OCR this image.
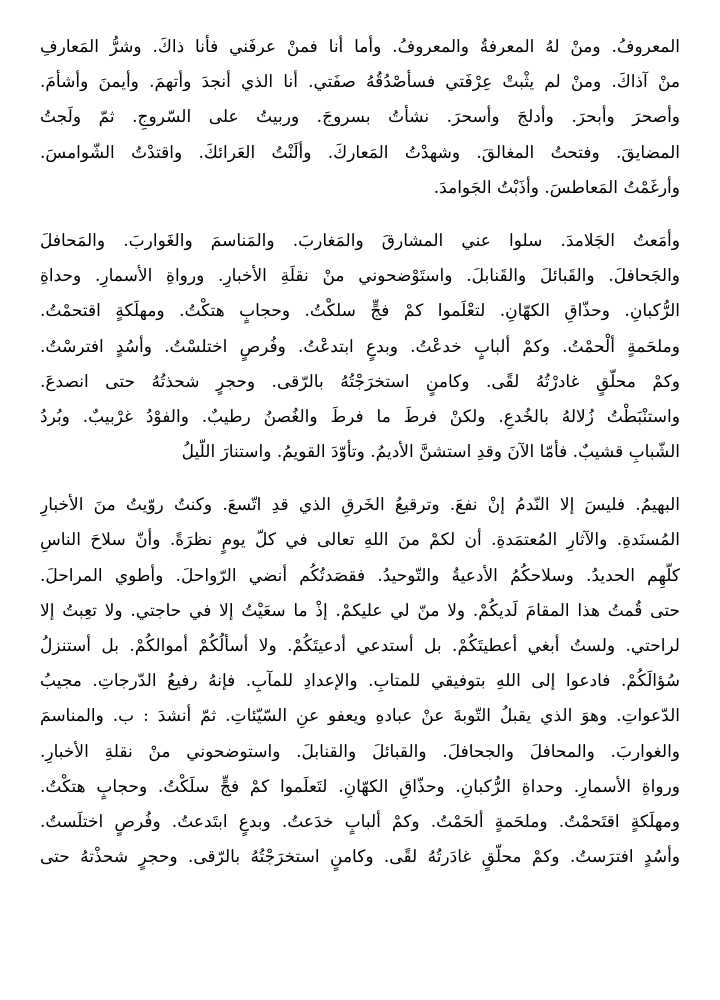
المعروفُ. ومنْ لهُ المعرفةُ والمعروفُ. وأما أنا فمنْ عرفَني فأنا ذاكَ. وشرُّ المَعارفِ
منْ آذاكَ. ومنْ لم يثْبتْ عِرْفَتي فسأصْدُقُهُ صفَتي. أنا الذي أنجدَ وأتهمَ. وأيمنَ وأشأمَ.
وأصحرَ وأبحرَ. وأدلجَ وأسحرَ. نشأتُ بسروجَ. وربيتُ على السّروجِ. ثمّ ولَجتُ
المضايقَ. وفتحتُ المغالقَ. وشهدْتُ المَعاركَ. وألَنْتُ العَرائكَ. واقتدْتُ الشّوامسَ.
وأرغَمْتُ المَعاطسَ. وأذَبْتُ الجَوامدَ.
وأمَعتُ الجَلامدَ. سلوا عني المشارقَ والمَغاربَ. والمَناسمَ والغَواربَ. والمَحافلَ
والجَحافلَ. والقَبائلَ والقَنابلَ. واستَوْضحوني منْ نقلَةِ الأخبارِ. ورواةِ الأسمارِ. وحداةِ
الرُّكبانِ. وحذّاقِ الكهّانِ. لتعْلَموا كمْ فجٍّ سلكْتُ. وحجابٍ هتكْتُ. ومهلَكةٍ اقتحمْتُ.
وملحَمةٍ ألْحمْتُ. وكمْ ألبابٍ خدعْتُ. وبدعٍ ابتدعْتُ. وفُرصٍ اختلسْتُ. وأسُدٍ افترسْتُ.
وكمْ محلّقٍ غادرْتُهُ لقًى. وكامنٍ استخرَجْتُهُ بالرّقى. وحجرٍ شحذتُهُ حتى انصدعَ.
واستنْبَطْتُ زُلالهُ بالخُدعِ. ولكنْ فرطَ ما فرطَ والغُصنُ رطيبٌ. والفوْدُ غرْبيبٌ. وبُردُ
الشّبابِ قشيبٌ. فأمّا الآنَ وقدِ استشنَّ الأديمُ. وتأوّدَ القويمُ. واستنارَ اللّيلُ
البهيمُ. فليسَ إلا النّدمُ إنْ نفعَ. وترقيعُ الخَرقِ الذي قدِ اتّسعَ. وكنتُ روّيتُ منَ الأخبارِ
المُسنَدةِ. والآثارِ المُعتمَدةِ. أن لكمْ منَ اللهِ تعالى في كلّ يومٍ نظرَةً. وأنّ سلاحَ الناسِ
كلّهِم الحديدُ. وسلاحكُمُ الأدعيةُ والتّوحيدُ. فقصَدتُكُم أنضي الرّواحلَ. وأطوي المراحلَ.
حتى قُمتُ هذا المقامَ لَديكُمْ. ولا منّ لي عليكمْ. إذْ ما سعَيْتُ إلا في حاجتي. ولا تعِبتُ إلا
لراحتي. ولستُ أبغي أعطيتَكُمْ. بل أستدعي أدعيتَكُمْ. ولا أسألُكُمْ أموالكُمْ. بل أستنزلُ
سُؤالَكُمْ. فادعوا إلى اللهِ بتوفيقي للمتابِ. والإعدادِ للمآبِ. فإنهُ رفيعُ الدّرجاتِ. مجيبُ
الدّعواتِ. وهوَ الذي يقبلُ التّوبةَ عنْ عبادهِ ويعفو عنِ السّيّئاتِ. ثمّ أنشدَ : ب. والمناسمَ
والغواربَ. والمحافلَ والجحافلَ. والقبائلَ والقنابلَ. واستوضحوني منْ نقلةِ الأخبارِ.
ورواةِ الأسمارِ. وحداةِ الرُّكبانِ. وحذّاقِ الكهّانِ. لتَعلَموا كمْ فجٍّ سلَكْتُ. وحجابٍ هتكْتُ.
ومهلَكةٍ اقتَحمْتُ. وملحَمةٍ ألحَمْتُ. وكمْ ألبابٍ خدَعتُ. وبدعٍ ابتَدعتُ. وفُرصٍ اختلَستُ.
وأسُدٍ افترَستُ. وكمْ محلّقٍ غادَرتُهُ لقًى. وكامنٍ استخرَجْتُهُ بالرّقى. وحجرٍ شحذْتهُ حتى
